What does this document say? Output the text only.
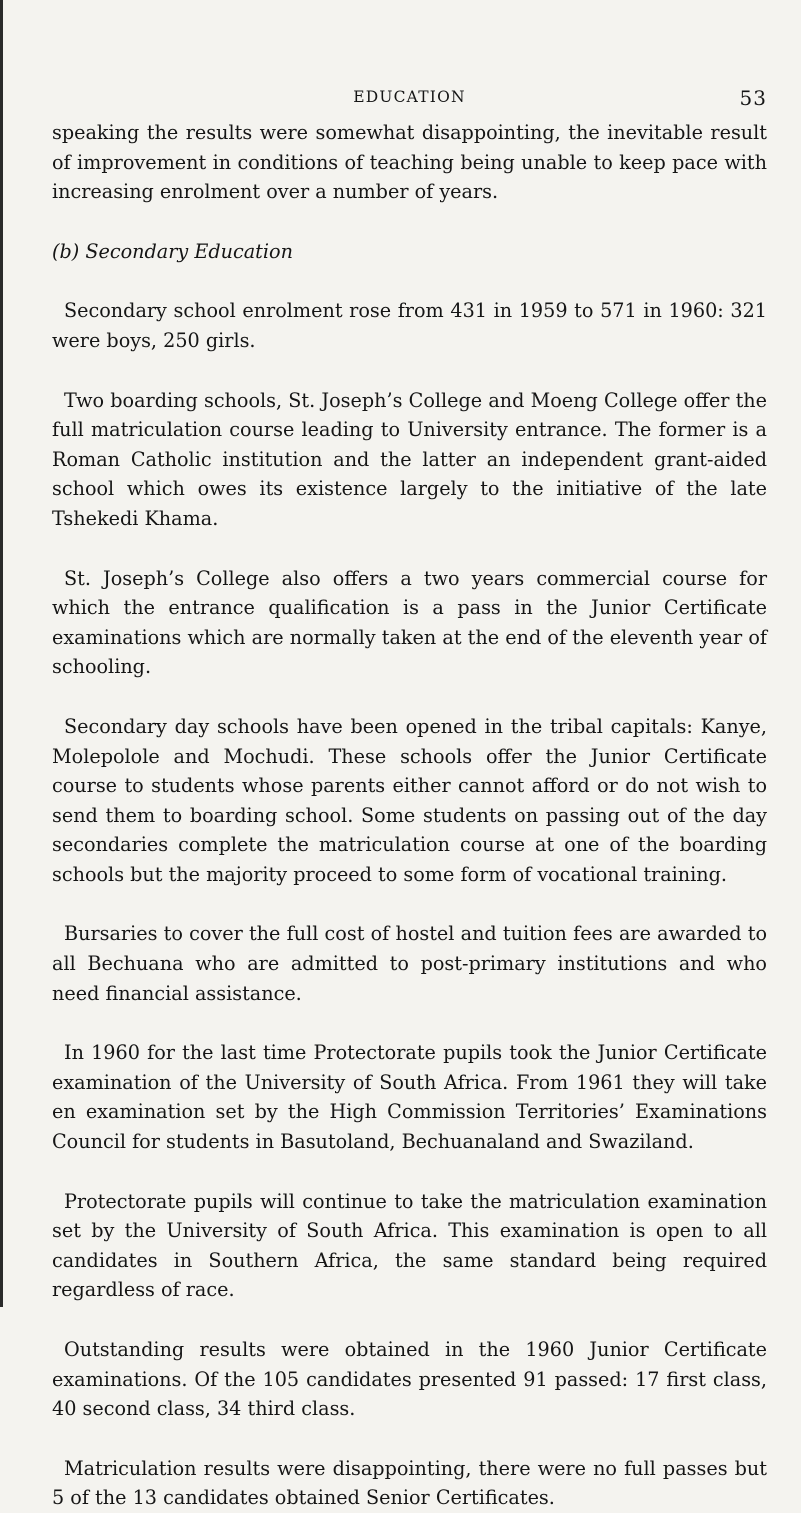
EDUCATION	53

speaking the results were somewhat disappointing, the inevitable result of improvement in conditions of teaching being unable to keep pace with increasing enrolment over a number of years.

(b) Secondary Education

Secondary school enrolment rose from 431 in 1959 to 571 in 1960: 321 were boys, 250 girls.

Two boarding schools, St. Joseph’s College and Moeng College offer the full matriculation course leading to University entrance. The former is a Roman Catholic institution and the latter an independent grant-aided school which owes its existence largely to the initiative of the late Tshekedi Khama.

St. Joseph’s College also offers a two years commercial course for which the entrance qualification is a pass in the Junior Certificate examinations which are normally taken at the end of the eleventh year of schooling.

Secondary day schools have been opened in the tribal capitals: Kanye, Molepolole and Mochudi. These schools offer the Junior Certificate course to students whose parents either cannot afford or do not wish to send them to boarding school. Some students on passing out of the day secondaries complete the matriculation course at one of the boarding schools but the majority proceed to some form of vocational training.

Bursaries to cover the full cost of hostel and tuition fees are awarded to all Bechuana who are admitted to post-primary institutions and who need financial assistance.

In 1960 for the last time Protectorate pupils took the Junior Certificate examination of the University of South Africa. From 1961 they will take en examination set by the High Commission Territories’ Examinations Council for students in Basutoland, Bechuanaland and Swaziland.

Protectorate pupils will continue to take the matriculation examination set by the University of South Africa. This examination is open to all candidates in Southern Africa, the same standard being required regardless of race.

Outstanding results were obtained in the 1960 Junior Certificate examinations. Of the 105 candidates presented 91 passed: 17 first class, 40 second class, 34 third class.

Matriculation results were disappointing, there were no full passes but 5 of the 13 candidates obtained Senior Certificates.
